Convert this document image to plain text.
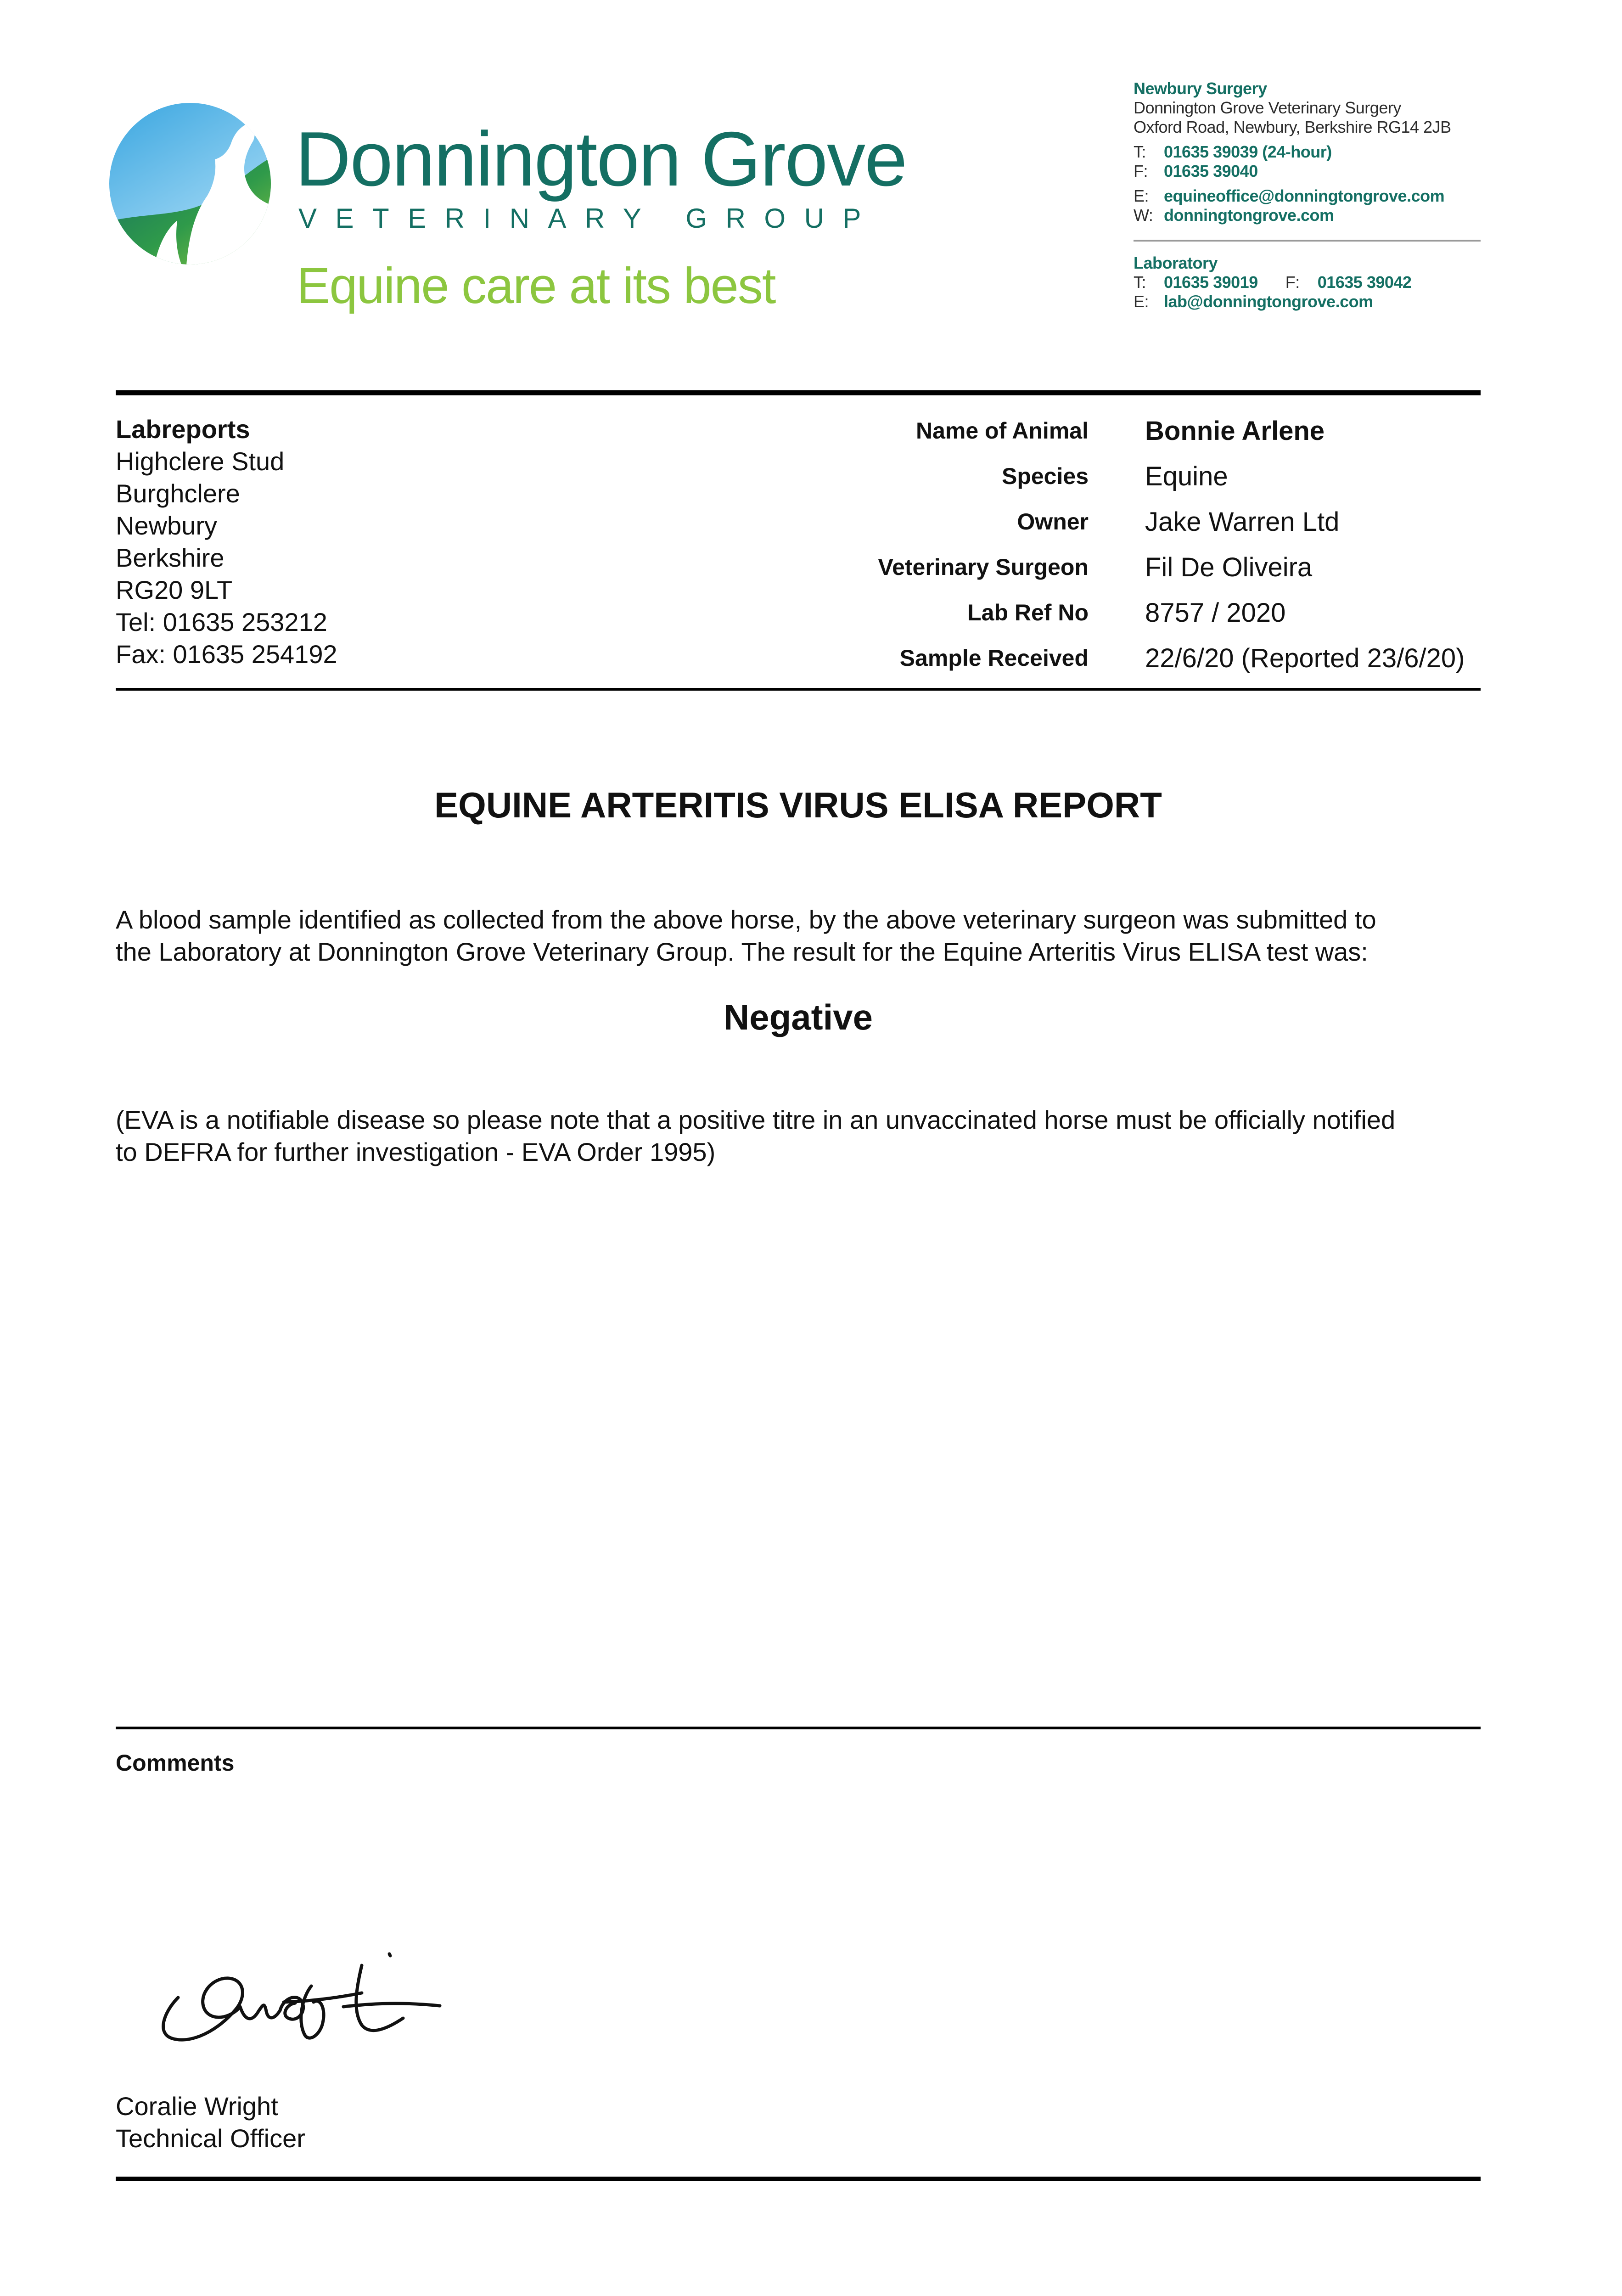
Donnington Grove
VETERINARY GROUP
Equine care at its best
Newbury Surgery
Donnington Grove Veterinary Surgery
Oxford Road, Newbury, Berkshire RG14 2JB
T: 01635 39039 (24-hour)
F: 01635 39040
E: equineoffice@donningtongrove.com
W: donningtongrove.com
Laboratory
T: 01635 39019 F: 01635 39042
E: lab@donningtongrove.com
Labreports
Highclere Stud
Burghclere
Newbury
Berkshire
RG20 9LT
Tel: 01635 253212
Fax: 01635 254192
Name of Animal Bonnie Arlene
Species Equine
Owner Jake Warren Ltd
Veterinary Surgeon Fil De Oliveira
Lab Ref No 8757 / 2020
Sample Received 22/6/20 (Reported 23/6/20)
EQUINE ARTERITIS VIRUS ELISA REPORT
A blood sample identified as collected from the above horse, by the above veterinary surgeon was submitted to
the Laboratory at Donnington Grove Veterinary Group. The result for the Equine Arteritis Virus ELISA test was:
Negative
(EVA is a notifiable disease so please note that a positive titre in an unvaccinated horse must be officially notified
to DEFRA for further investigation - EVA Order 1995)
Comments
Coralie Wright
Technical Officer
